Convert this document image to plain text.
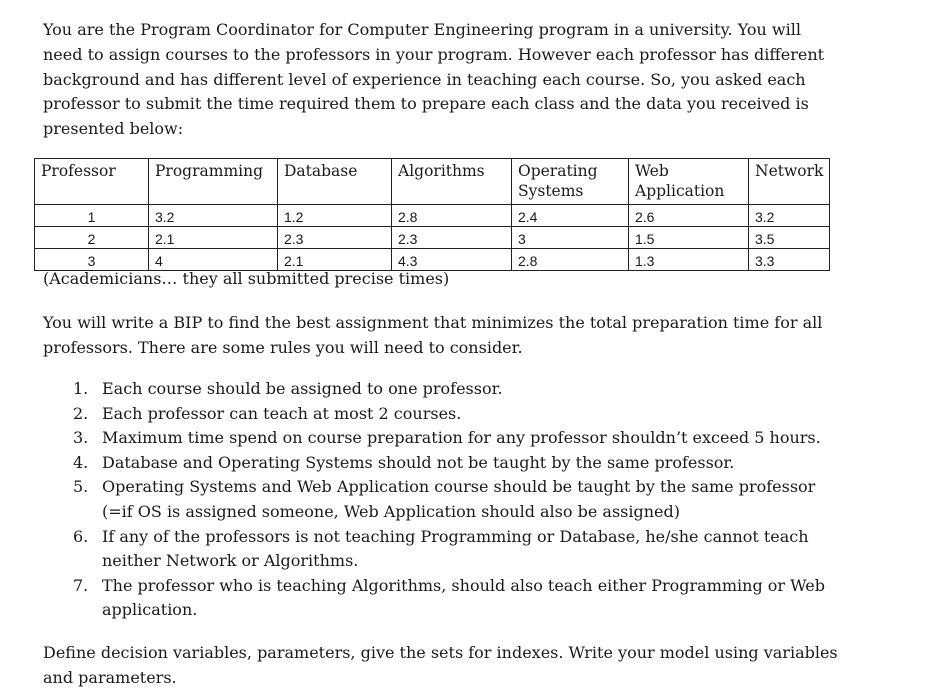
You are the Program Coordinator for Computer Engineering program in a university. You will need to assign courses to the professors in your program. However each professor has different background and has different level of experience in teaching each course. So, you asked each professor to submit the time required them to prepare each class and the data you received is presented below:

Professor	Programming	Database	Algorithms	Operating Systems	Web Application	Network
1	3.2	1.2	2.8	2.4	2.6	3.2
2	2.1	2.3	2.3	3	1.5	3.5
3	4	2.1	4.3	2.8	1.3	3.3

(Academicians… they all submitted precise times)

You will write a BIP to find the best assignment that minimizes the total preparation time for all professors. There are some rules you will need to consider.

1. Each course should be assigned to one professor.
2. Each professor can teach at most 2 courses.
3. Maximum time spend on course preparation for any professor shouldn’t exceed 5 hours.
4. Database and Operating Systems should not be taught by the same professor.
5. Operating Systems and Web Application course should be taught by the same professor (=if OS is assigned someone, Web Application should also be assigned)
6. If any of the professors is not teaching Programming or Database, he/she cannot teach neither Network or Algorithms.
7. The professor who is teaching Algorithms, should also teach either Programming or Web application.

Define decision variables, parameters, give the sets for indexes. Write your model using variables and parameters.
